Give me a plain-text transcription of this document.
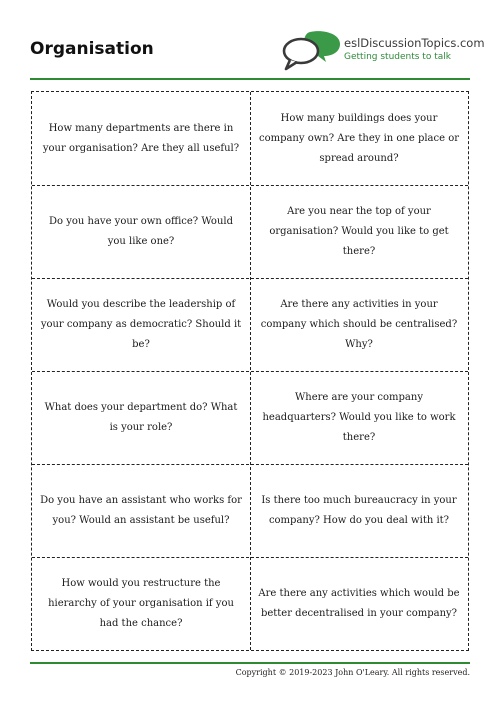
Organisation	eslDiscussionTopics.com
Getting students to talk
How many departments are there in your organisation? Are they all useful?
How many buildings does your company own? Are they in one place or spread around?
Do you have your own office? Would you like one?
Are you near the top of your organisation? Would you like to get there?
Would you describe the leadership of your company as democratic? Should it be?
Are there any activities in your company which should be centralised? Why?
What does your department do? What is your role?
Where are your company headquarters? Would you like to work there?
Do you have an assistant who works for you? Would an assistant be useful?
Is there too much bureaucracy in your company? How do you deal with it?
How would you restructure the hierarchy of your organisation if you had the chance?
Are there any activities which would be better decentralised in your company?
Copyright © 2019-2023 John O'Leary. All rights reserved.
